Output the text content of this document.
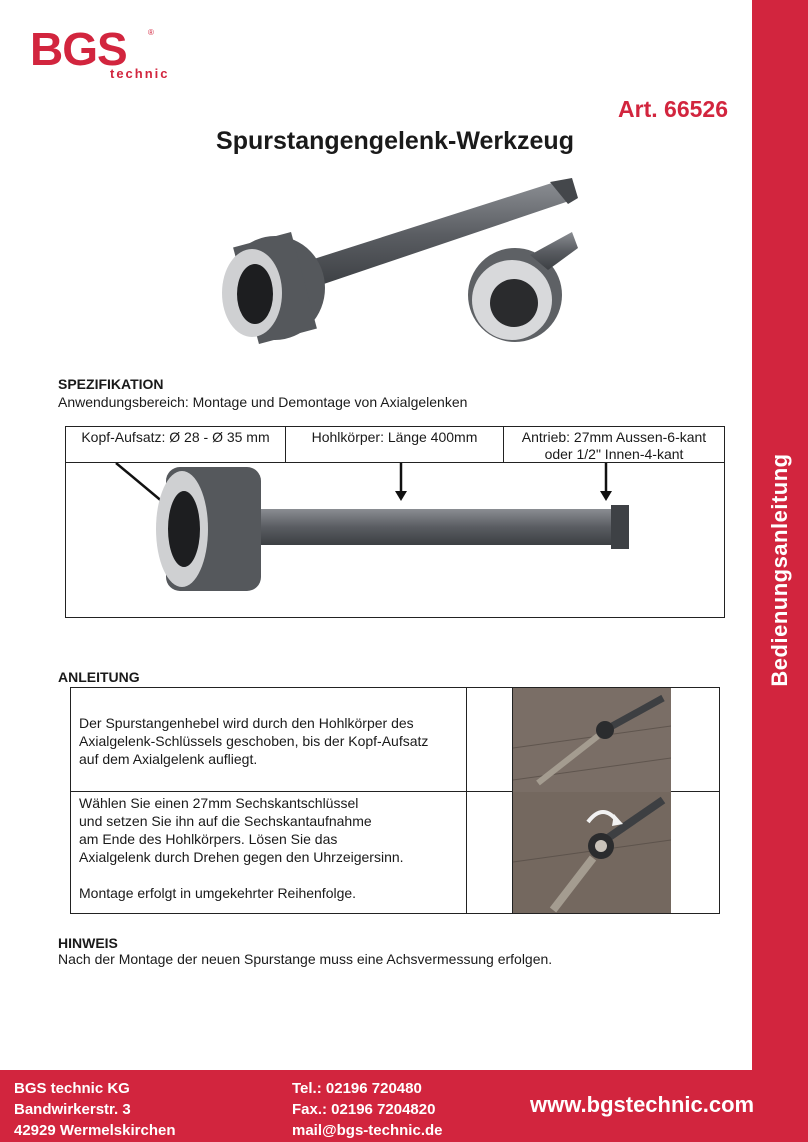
BGS	®
technic
Art. 66526
Spurstangengelenk-Werkzeug
Bedienungsanleitung
SPEZIFIKATION
Anwendungsbereich: Montage und Demontage von Axialgelenken
Kopf-Aufsatz: Ø 28 - Ø 35 mm	Hohlkörper: Länge 400mm	Antrieb: 27mm Aussen-6-kant
oder 1/2" Innen-4-kant
ANLEITUNG
Der Spurstangenhebel wird durch den Hohlkörper des
Axialgelenk-Schlüssels geschoben, bis der Kopf-Aufsatz
auf dem Axialgelenk aufliegt.
Wählen Sie einen 27mm Sechskantschlüssel
und setzen Sie ihn auf die Sechskantaufnahme
am Ende des Hohlkörpers. Lösen Sie das
Axialgelenk durch Drehen gegen den Uhrzeigersinn.
Montage erfolgt in umgekehrter Reihenfolge.
HINWEIS
Nach der Montage der neuen Spurstange muss eine Achsvermessung erfolgen.
BGS technic KG
Bandwirkerstr. 3
42929 Wermelskirchen
Tel.: 02196 720480
Fax.: 02196 7204820
mail@bgs-technic.de
www.bgstechnic.com
